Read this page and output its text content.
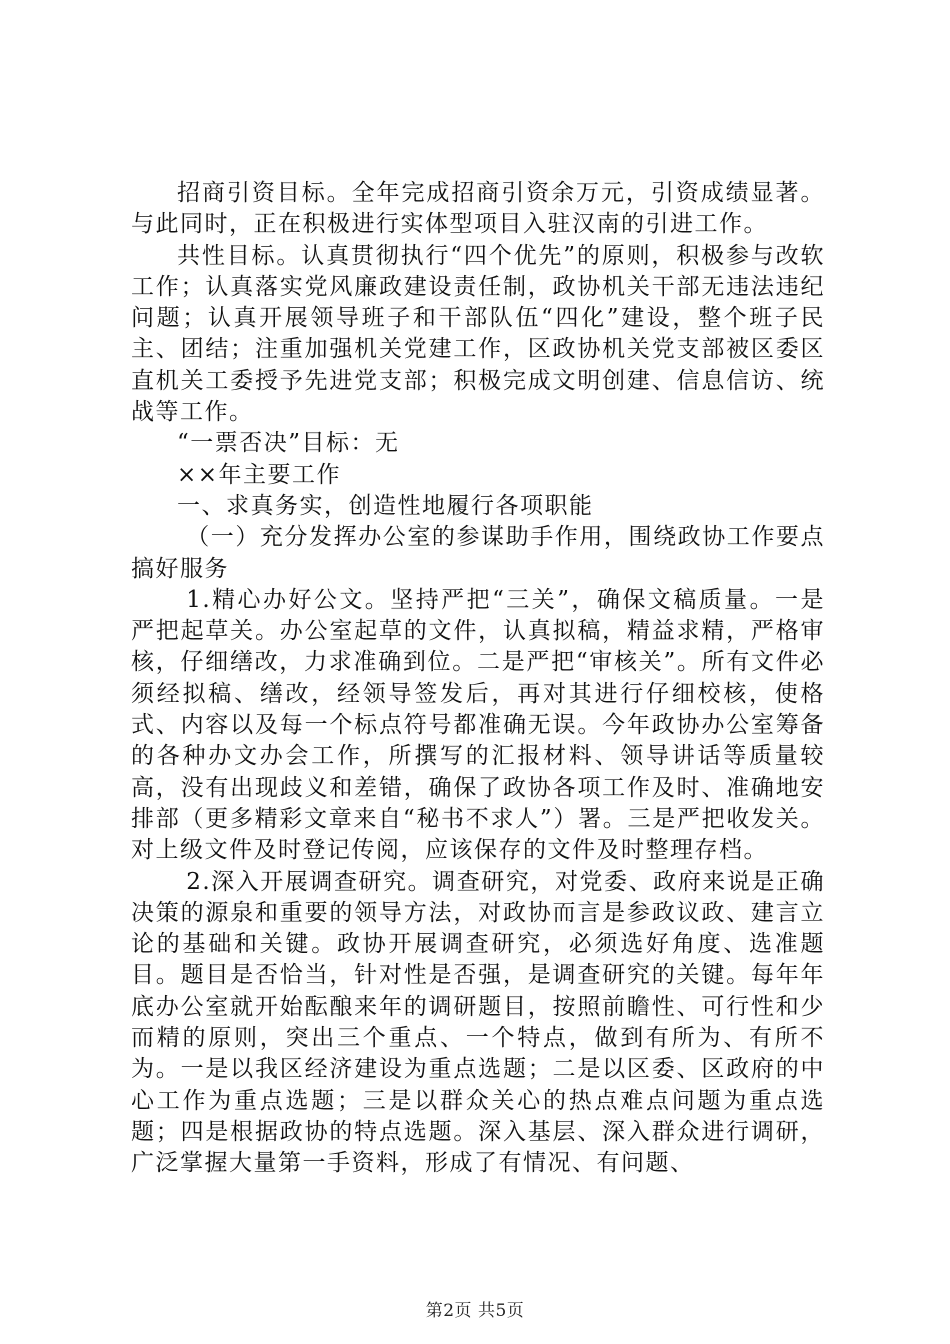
招商引资目标。全年完成招商引资余万元，引资成绩显著。与此同时，正在积极进行实体型项目入驻汉南的引进工作。

共性目标。认真贯彻执行“四个优先”的原则，积极参与改软工作；认真落实党风廉政建设责任制，政协机关干部无违法违纪问题；认真开展领导班子和干部队伍“四化”建设，整个班子民主、团结；注重加强机关党建工作，区政协机关党支部被区委区直机关工委授予先进党支部；积极完成文明创建、信息信访、统战等工作。

“一票否决”目标：无

××年主要工作

一、求真务实，创造性地履行各项职能

（一）充分发挥办公室的参谋助手作用，围绕政协工作要点搞好服务

1.精心办好公文。坚持严把“三关”，确保文稿质量。一是严把起草关。办公室起草的文件，认真拟稿，精益求精，严格审核，仔细缮改，力求准确到位。二是严把“审核关”。所有文件必须经拟稿、缮改，经领导签发后，再对其进行仔细校核，使格式、内容以及每一个标点符号都准确无误。今年政协办公室筹备的各种办文办会工作，所撰写的汇报材料、领导讲话等质量较高，没有出现歧义和差错，确保了政协各项工作及时、准确地安排部（更多精彩文章来自“秘书不求人”）署。三是严把收发关。对上级文件及时登记传阅，应该保存的文件及时整理存档。

2.深入开展调查研究。调查研究，对党委、政府来说是正确决策的源泉和重要的领导方法，对政协而言是参政议政、建言立论的基础和关键。政协开展调查研究，必须选好角度、选准题目。题目是否恰当，针对性是否强，是调查研究的关键。每年年底办公室就开始酝酿来年的调研题目，按照前瞻性、可行性和少而精的原则，突出三个重点、一个特点，做到有所为、有所不为。一是以我区经济建设为重点选题；二是以区委、区政府的中心工作为重点选题；三是以群众关心的热点难点问题为重点选题；四是根据政协的特点选题。深入基层、深入群众进行调研，广泛掌握大量第一手资料，形成了有情况、有问题、

第2页 共5页
